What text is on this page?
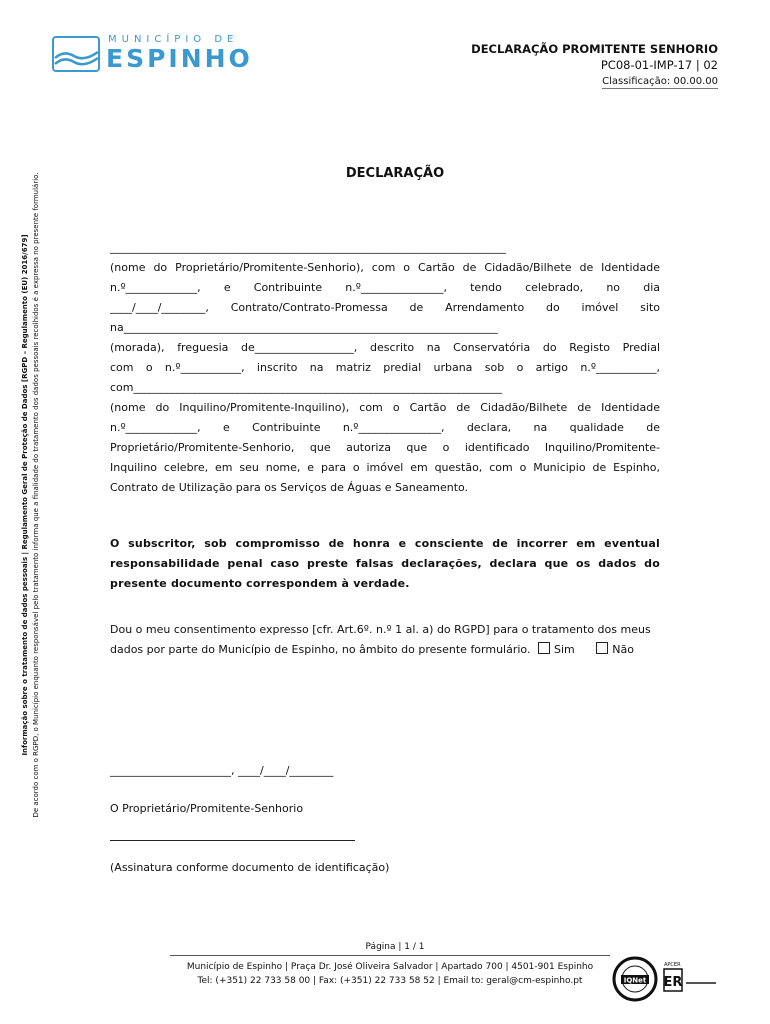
MUNICÍPIO DE
ESPINHO	DECLARAÇÃO PROMITENTE SENHORIO
PC08-01-IMP-17 | 02
Classificação: 00.00.00
Informação sobre o tratamento de dados pessoais | Regulamento Geral de Proteção de Dados [RGPD – Regulamento (EU) 2016/679] De acordo com o RGPD, o Município enquanto responsável pelo tratamento informa que a finalidade do tratamento dos dados pessoais recolhidos é a expressa no presente formulário.	DECLARAÇÃO
________________________________________________________________________
(nome do Proprietário/Promitente-Senhorio), com o Cartão de Cidadão/Bilhete de Identidade
n.º_____________, e Contribuinte n.º_______________, tendo celebrado, no dia
____/____/________, Contrato/Contrato-Promessa de Arrendamento do imóvel sito
na____________________________________________________________________
(morada), freguesia de__________________, descrito na Conservatória do Registo Predial
com o n.º___________, inscrito na matriz predial urbana sob o artigo n.º___________,
com___________________________________________________________________
(nome do Inquilino/Promitente-Inquilino), com o Cartão de Cidadão/Bilhete de Identidade
n.º_____________, e Contribuinte n.º_______________, declara, na qualidade de
Proprietário/Promitente-Senhorio, que autoriza que o identificado Inquilino/Promitente-
Inquilino celebre, em seu nome, e para o imóvel em questão, com o Municipio de Espinho,
Contrato de Utilização para os Serviços de Águas e Saneamento.
O subscritor, sob compromisso de honra e consciente de incorrer em eventual
responsabilidade penal caso preste falsas declarações, declara que os dados do
presente documento correspondem à verdade.
Dou o meu consentimento expresso [cfr. Art.6º. n.º 1 al. a) do RGPD] para o tratamento dos meus
dados por parte do Município de Espinho, no âmbito do presente formulário. Sim	Não
______________________, ____/____/________
O Proprietário/Promitente-Senhorio
(Assinatura conforme documento de identificação)
Página | 1 / 1
Município de Espinho | Praça Dr. José Oliveira Salvador | Apartado 700 | 4501-901 Espinho
Tel: (+351) 22 733 58 00 | Fax: (+351) 22 733 58 52 | Email to: geral@cm-espinho.pt	IQNet
APCER
ER
